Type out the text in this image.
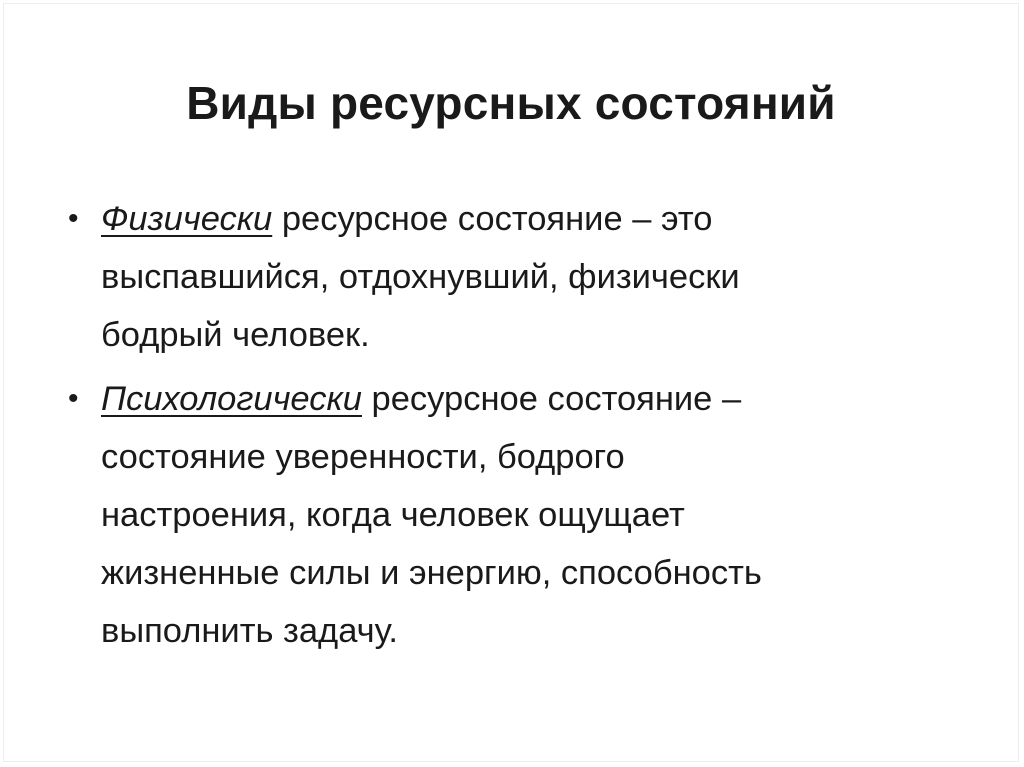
Виды ресурсных состояний
• Физически ресурсное состояние – это
выспавшийся, отдохнувший, физически
бодрый человек.
• Психологически ресурсное состояние –
состояние уверенности, бодрого
настроения, когда человек ощущает
жизненные силы и энергию, способность
выполнить задачу.
